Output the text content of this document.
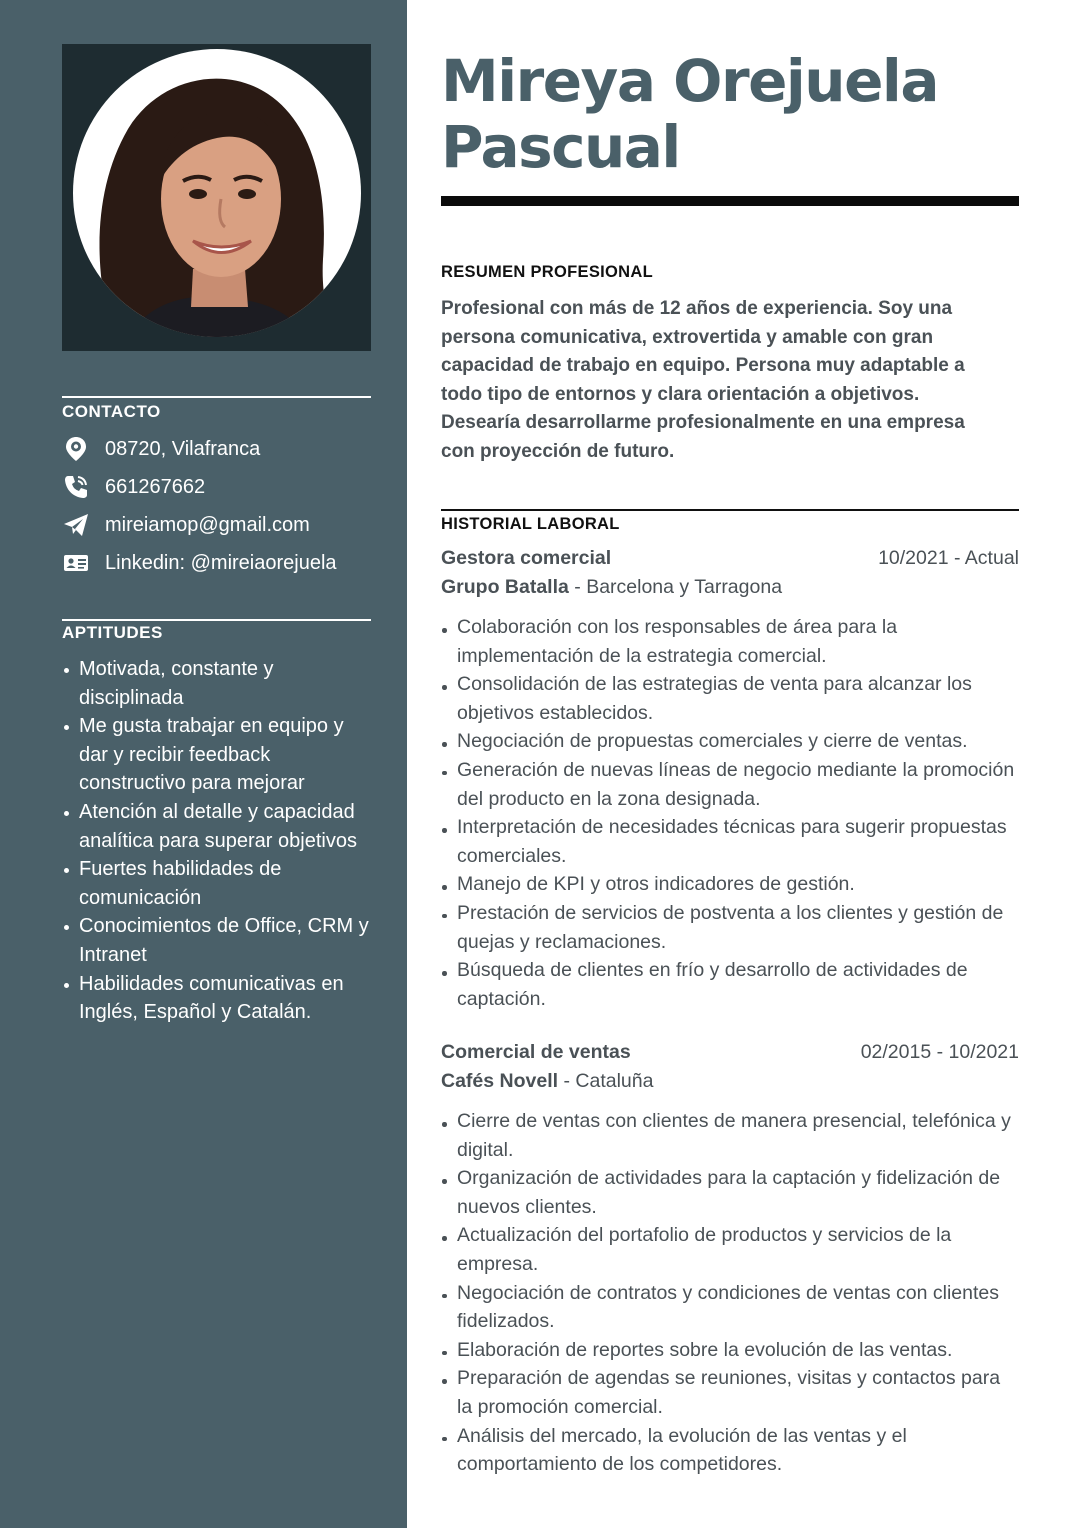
CONTACTO
08720, Vilafranca
661267662
mireiamop@gmail.com
Linkedin: @mireiaorejuela
APTITUDES
Motivada, constante y disciplinada
Me gusta trabajar en equipo y dar y recibir feedback constructivo para mejorar
Atención al detalle y capacidad analítica para superar objetivos
Fuertes habilidades de comunicación
Conocimientos de Office, CRM y Intranet
Habilidades comunicativas en Inglés, Español y Catalán.
Mireya Orejuela
Pascual
RESUMEN PROFESIONAL
Profesional con más de 12 años de experiencia. Soy una persona comunicativa, extrovertida y amable con gran capacidad de trabajo en equipo. Persona muy adaptable a todo tipo de entornos y clara orientación a objetivos. Desearía desarrollarme profesionalmente en una empresa con proyección de futuro.
HISTORIAL LABORAL
Gestora comercial	10/2021 - Actual
Grupo Batalla - Barcelona y Tarragona
Colaboración con los responsables de área para la implementación de la estrategia comercial.
Consolidación de las estrategias de venta para alcanzar los objetivos establecidos.
Negociación de propuestas comerciales y cierre de ventas.
Generación de nuevas líneas de negocio mediante la promoción del producto en la zona designada.
Interpretación de necesidades técnicas para sugerir propuestas comerciales.
Manejo de KPI y otros indicadores de gestión.
Prestación de servicios de postventa a los clientes y gestión de quejas y reclamaciones.
Búsqueda de clientes en frío y desarrollo de actividades de captación.
Comercial de ventas	02/2015 - 10/2021
Cafés Novell - Cataluña
Cierre de ventas con clientes de manera presencial, telefónica y digital.
Organización de actividades para la captación y fidelización de nuevos clientes.
Actualización del portafolio de productos y servicios de la empresa.
Negociación de contratos y condiciones de ventas con clientes fidelizados.
Elaboración de reportes sobre la evolución de las ventas.
Preparación de agendas se reuniones, visitas y contactos para la promoción comercial.
Análisis del mercado, la evolución de las ventas y el comportamiento de los competidores.
